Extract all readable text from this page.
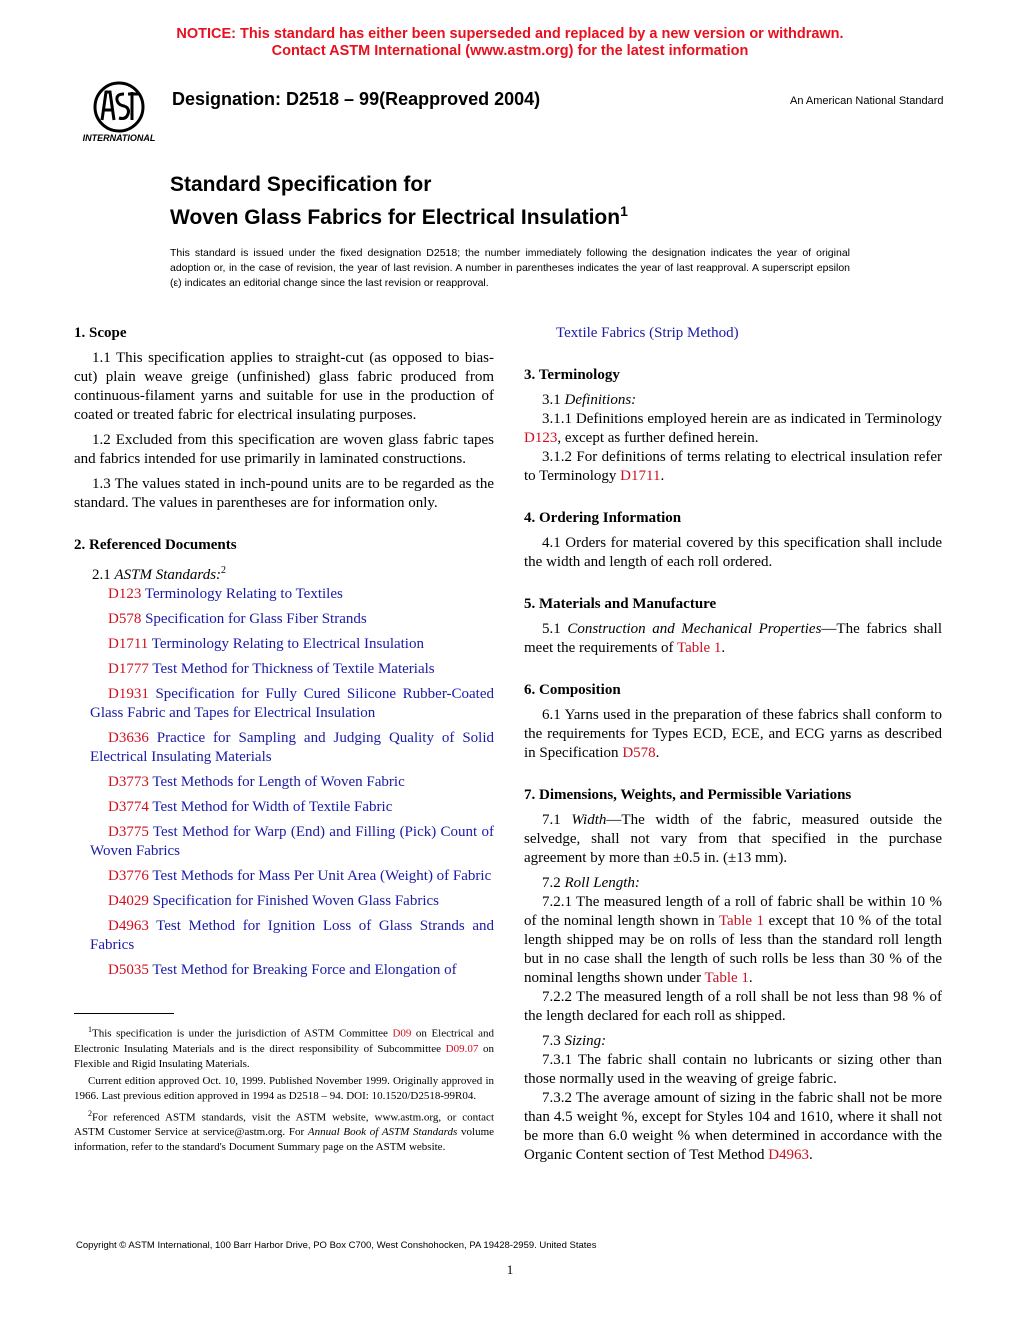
NOTICE: This standard has either been superseded and replaced by a new version or withdrawn.
Contact ASTM International (www.astm.org) for the latest information
INTERNATIONAL
Designation: D2518 – 99(Reapproved 2004)	An American National Standard
Standard Specification for
Woven Glass Fabrics for Electrical Insulation$^1$
This standard is issued under the fixed designation D2518; the number immediately following the designation indicates the year of original adoption or, in the case of revision, the year of last revision. A number in parentheses indicates the year of last reapproval. A superscript epsilon (ε) indicates an editorial change since the last revision or reapproval.
1. Scope

1.1 This specification applies to straight-cut (as opposed to bias-cut) plain weave greige (unfinished) glass fabric produced from continuous-filament yarns and suitable for use in the production of coated or treated fabric for electrical insulating purposes.

1.2 Excluded from this specification are woven glass fabric tapes and fabrics intended for use primarily in laminated constructions.

1.3 The values stated in inch-pound units are to be regarded as the standard. The values in parentheses are for information only.

2. Referenced Documents

2.1 ASTM Standards:$^2$

D123 Terminology Relating to Textiles

D578 Specification for Glass Fiber Strands

D1711 Terminology Relating to Electrical Insulation

D1777 Test Method for Thickness of Textile Materials

D1931 Specification for Fully Cured Silicone Rubber-Coated Glass Fabric and Tapes for Electrical Insulation

D3636 Practice for Sampling and Judging Quality of Solid Electrical Insulating Materials

D3773 Test Methods for Length of Woven Fabric

D3774 Test Method for Width of Textile Fabric

D3775 Test Method for Warp (End) and Filling (Pick) Count of Woven Fabrics

D3776 Test Methods for Mass Per Unit Area (Weight) of Fabric

D4029 Specification for Finished Woven Glass Fabrics

D4963 Test Method for Ignition Loss of Glass Strands and Fabrics

D5035 Test Method for Breaking Force and Elongation of

Textile Fabrics (Strip Method)

3. Terminology

3.1 Definitions:

3.1.1 Definitions employed herein are as indicated in Terminology D123, except as further defined herein.

3.1.2 For definitions of terms relating to electrical insulation refer to Terminology D1711.

4. Ordering Information

4.1 Orders for material covered by this specification shall include the width and length of each roll ordered.

5. Materials and Manufacture

5.1 Construction and Mechanical Properties—The fabrics shall meet the requirements of Table 1.

6. Composition

6.1 Yarns used in the preparation of these fabrics shall conform to the requirements for Types ECD, ECE, and ECG yarns as described in Specification D578.

7. Dimensions, Weights, and Permissible Variations

7.1 Width—The width of the fabric, measured outside the selvedge, shall not vary from that specified in the purchase agreement by more than ±0.5 in. (±13 mm).

7.2 Roll Length:

7.2.1 The measured length of a roll of fabric shall be within 10 % of the nominal length shown in Table 1 except that 10 % of the total length shipped may be on rolls of less than the standard roll length but in no case shall the length of such rolls be less than 30 % of the nominal lengths shown under Table 1.

7.2.2 The measured length of a roll shall be not less than 98 % of the length declared for each roll as shipped.

7.3 Sizing:

7.3.1 The fabric shall contain no lubricants or sizing other than those normally used in the weaving of greige fabric.

7.3.2 The average amount of sizing in the fabric shall not be more than 4.5 weight %, except for Styles 104 and 1610, where it shall not be more than 6.0 weight % when determined in accordance with the Organic Content section of Test Method D4963.

$^1$This specification is under the jurisdiction of ASTM Committee D09 on Electrical and Electronic Insulating Materials and is the direct responsibility of Subcommittee D09.07 on Flexible and Rigid Insulating Materials.

Current edition approved Oct. 10, 1999. Published November 1999. Originally approved in 1966. Last previous edition approved in 1994 as D2518 – 94. DOI: 10.1520/D2518-99R04.

$^2$For referenced ASTM standards, visit the ASTM website, www.astm.org, or contact ASTM Customer Service at service@astm.org. For Annual Book of ASTM Standards volume information, refer to the standard's Document Summary page on the ASTM website.

Copyright © ASTM International, 100 Barr Harbor Drive, PO Box C700, West Conshohocken, PA 19428-2959. United States
1
